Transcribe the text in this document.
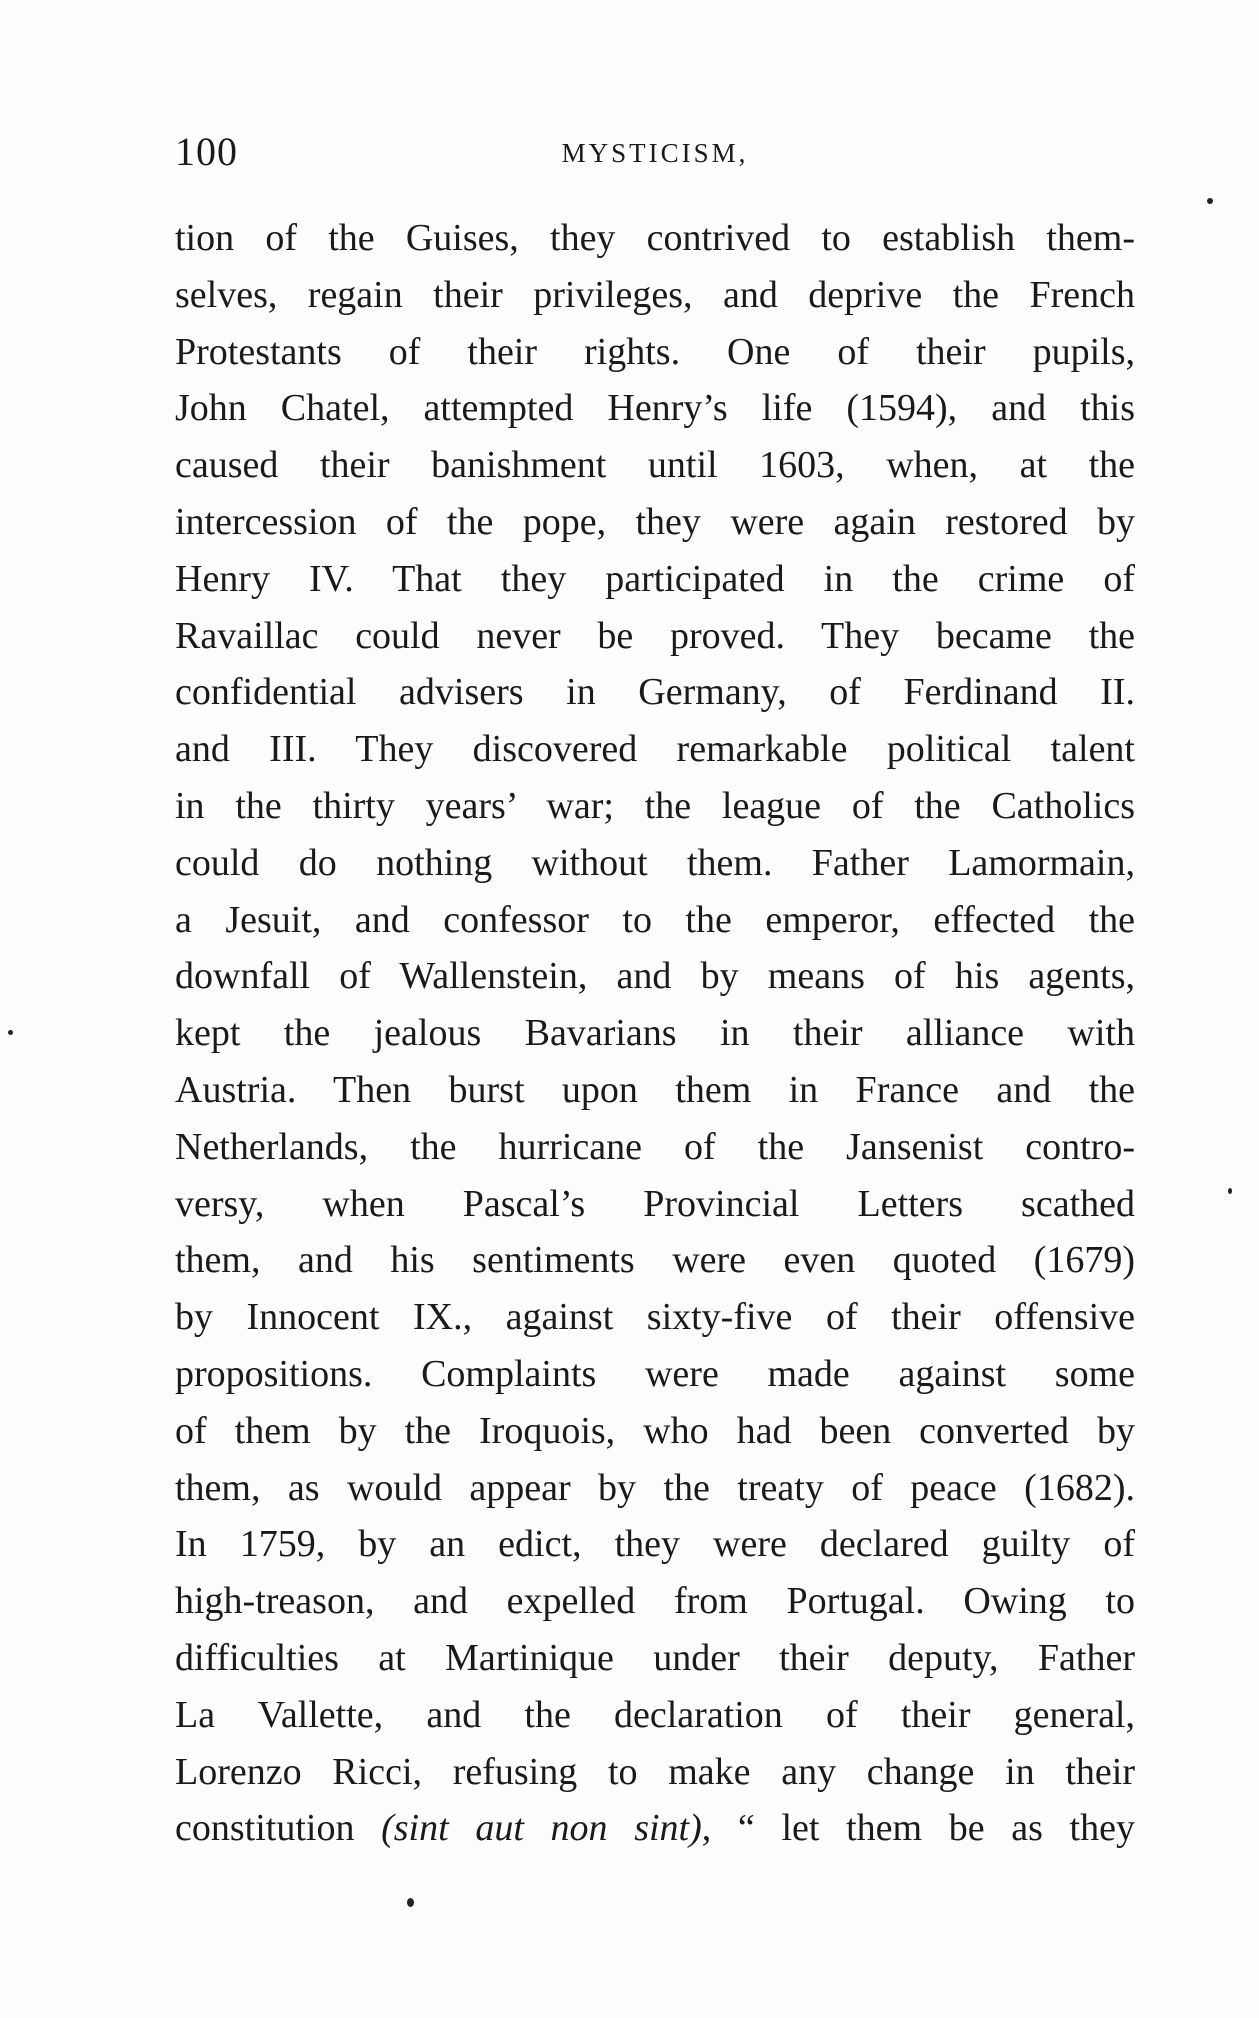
100	MYSTICISM,
tion of the Guises, they contrived to establish them-
selves, regain their privileges, and deprive the French
Protestants of their rights. One of their pupils,
John Chatel, attempted Henry’s life (1594), and this
caused their banishment until 1603, when, at the
intercession of the pope, they were again restored by
Henry IV. That they participated in the crime of
Ravaillac could never be proved. They became the
confidential advisers in Germany, of Ferdinand II.
and III. They discovered remarkable political talent
in the thirty years’ war; the league of the Catholics
could do nothing without them. Father Lamormain,
a Jesuit, and confessor to the emperor, effected the
downfall of Wallenstein, and by means of his agents,
kept the jealous Bavarians in their alliance with
Austria. Then burst upon them in France and the
Netherlands, the hurricane of the Jansenist contro-
versy, when Pascal’s Provincial Letters scathed
them, and his sentiments were even quoted (1679)
by Innocent IX., against sixty-five of their offensive
propositions. Complaints were made against some
of them by the Iroquois, who had been converted by
them, as would appear by the treaty of peace (1682).
In 1759, by an edict, they were declared guilty of
high-treason, and expelled from Portugal. Owing to
difficulties at Martinique under their deputy, Father
La Vallette, and the declaration of their general,
Lorenzo Ricci, refusing to make any change in their
constitution (sint aut non sint), “ let them be as they
